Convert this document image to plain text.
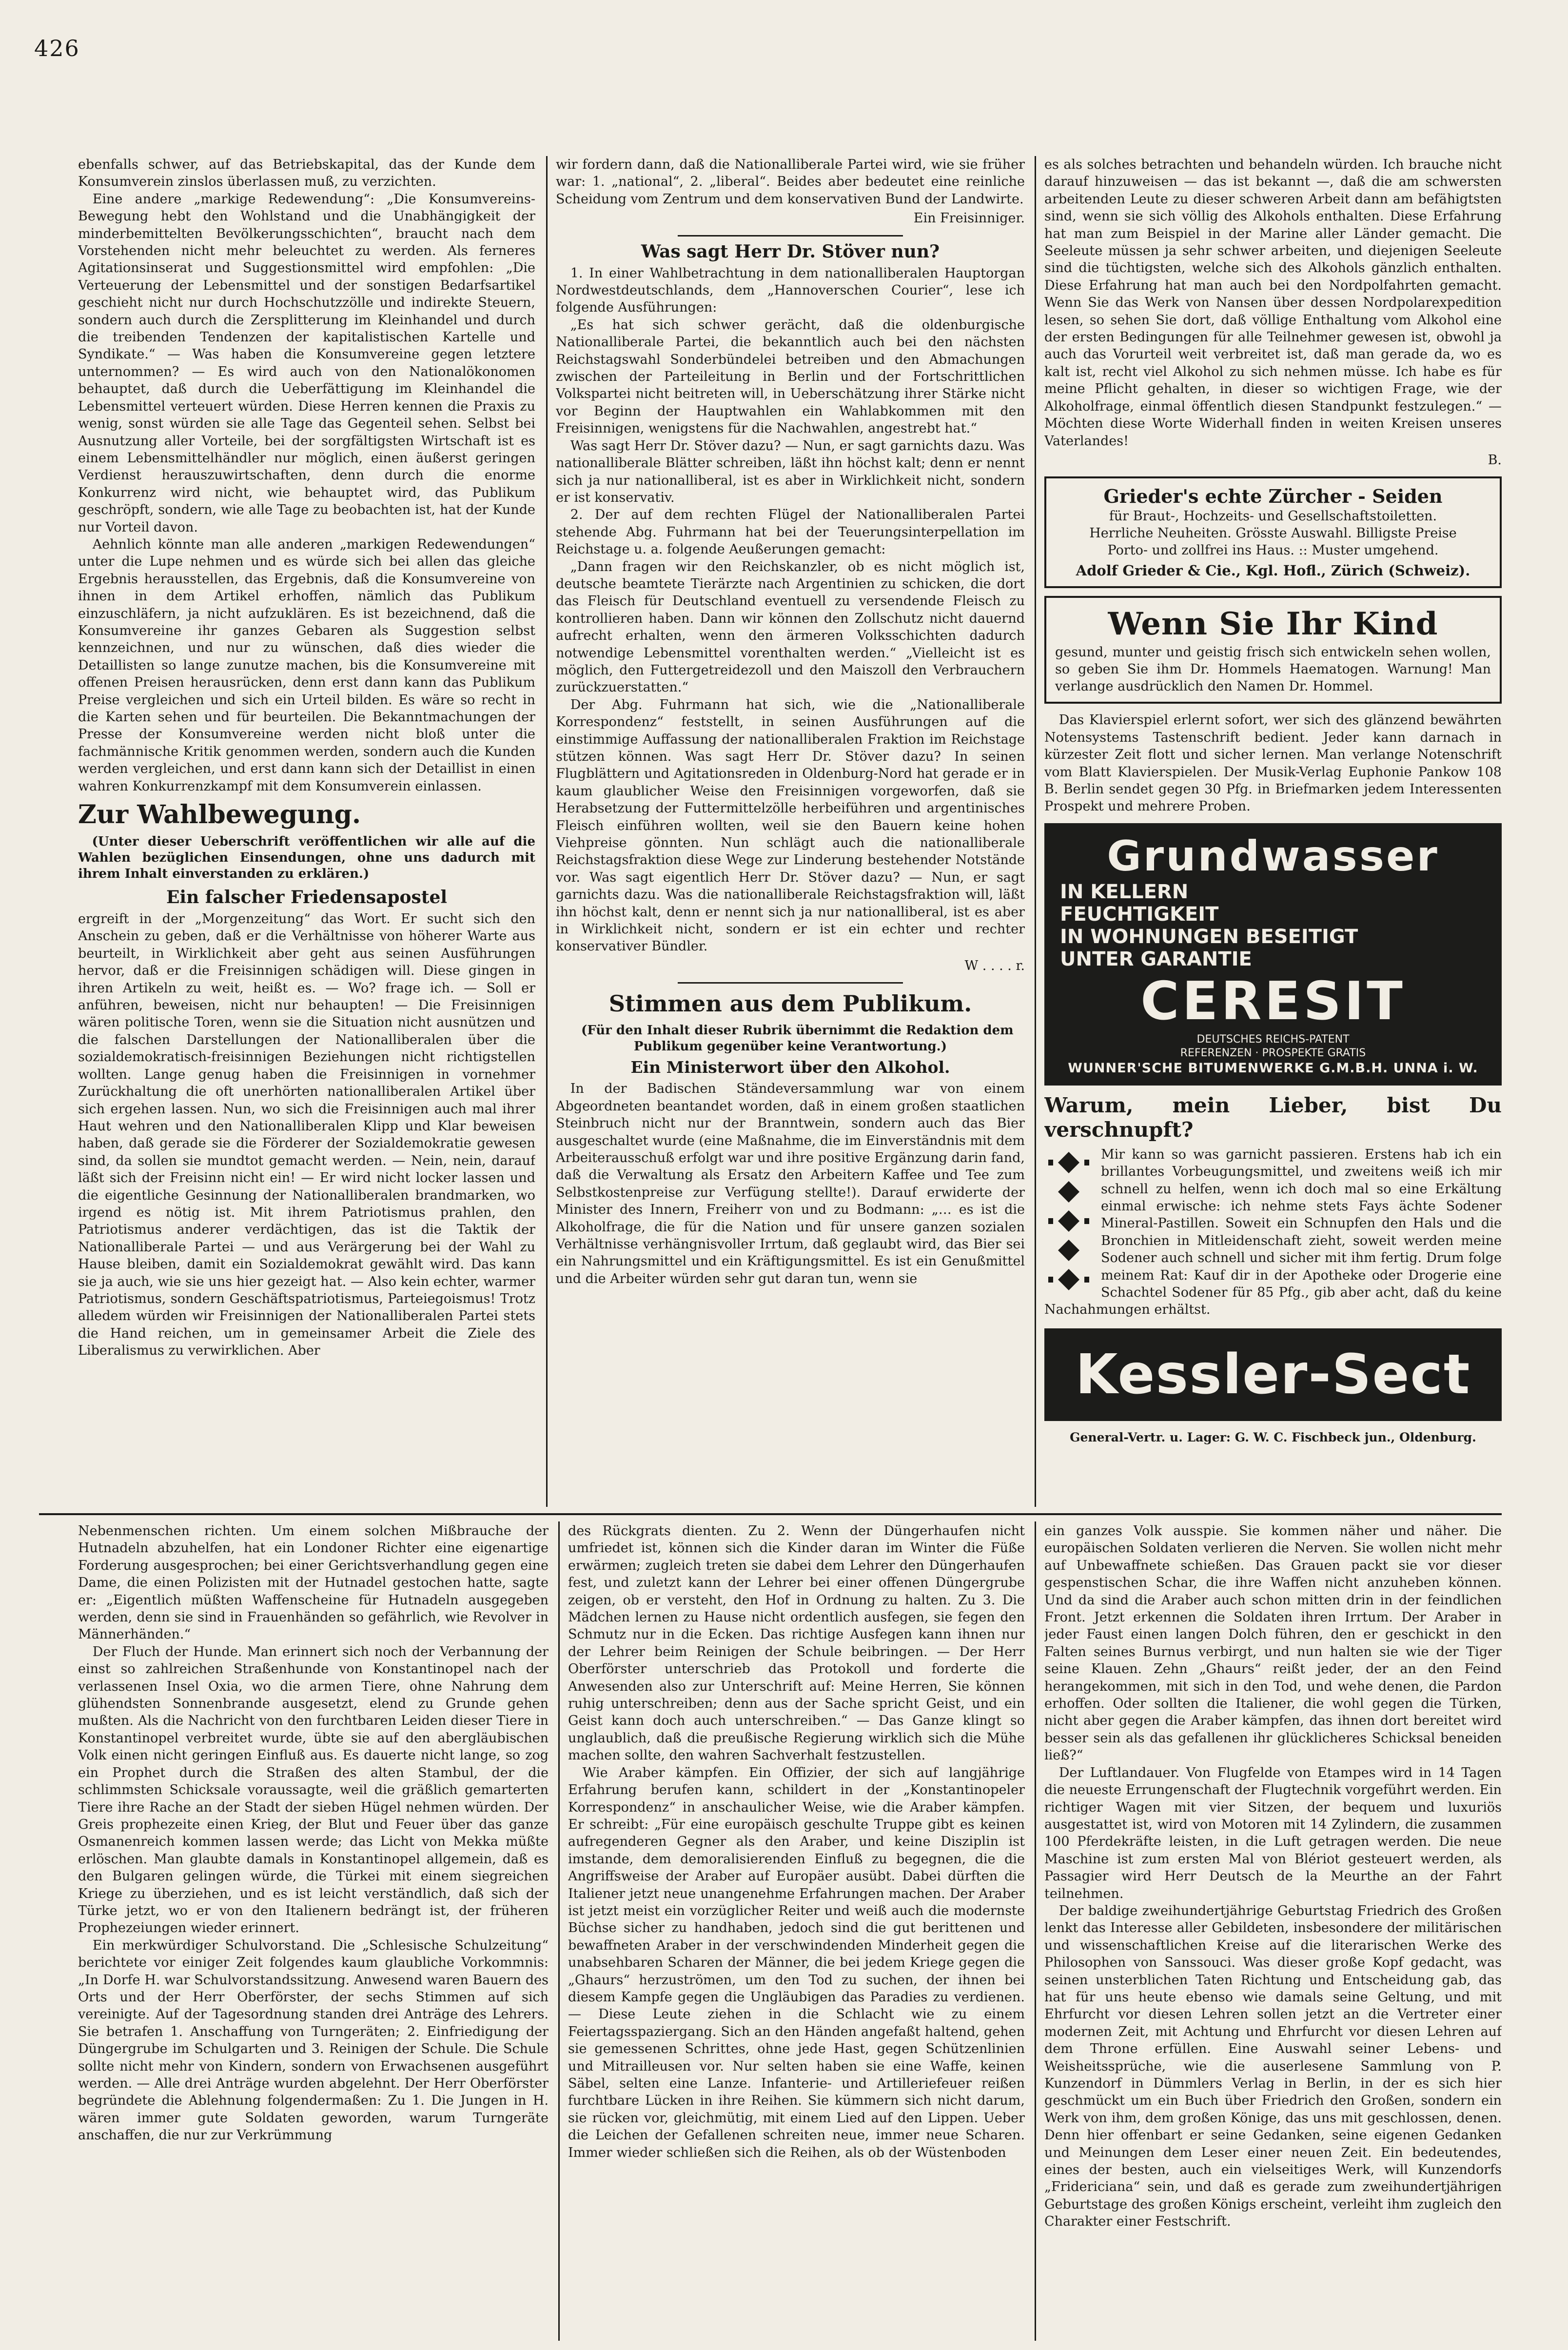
426

ebenfalls schwer, auf das Betriebskapital, das der Kunde dem Konsumverein zinslos überlassen muß, zu verzichten.

Eine andere „markige Redewendung“: „Die Konsumvereins-Bewegung hebt den Wohlstand und die Unabhängigkeit der minderbemittelten Bevölkerungsschichten“, braucht nach dem Vorstehenden nicht mehr beleuchtet zu werden. Als ferneres Agitationsinserat und Suggestionsmittel wird empfohlen: „Die Verteuerung der Lebensmittel und der sonstigen Bedarfsartikel geschieht nicht nur durch Hochschutzzölle und indirekte Steuern, sondern auch durch die Zersplitterung im Kleinhandel und durch die treibenden Tendenzen der kapitalistischen Kartelle und Syndikate.“ — Was haben die Konsumvereine gegen letztere unternommen? — Es wird auch von den Nationalökonomen behauptet, daß durch die Ueberfättigung im Kleinhandel die Lebensmittel verteuert würden. Diese Herren kennen die Praxis zu wenig, sonst würden sie alle Tage das Gegenteil sehen. Selbst bei Ausnutzung aller Vorteile, bei der sorgfältigsten Wirtschaft ist es einem Lebensmittelhändler nur möglich, einen äußerst geringen Verdienst herauszuwirtschaften, denn durch die enorme Konkurrenz wird nicht, wie behauptet wird, das Publikum geschröpft, sondern, wie alle Tage zu beobachten ist, hat der Kunde nur Vorteil davon.

Aehnlich könnte man alle anderen „markigen Redewendungen“ unter die Lupe nehmen und es würde sich bei allen das gleiche Ergebnis herausstellen, das Ergebnis, daß die Konsumvereine von ihnen in dem Artikel erhoffen, nämlich das Publikum einzuschläfern, ja nicht aufzuklären. Es ist bezeichnend, daß die Konsumvereine ihr ganzes Gebaren als Suggestion selbst kennzeichnen, und nur zu wünschen, daß dies wieder die Detaillisten so lange zunutze machen, bis die Konsumvereine mit offenen Preisen herausrücken, denn erst dann kann das Publikum Preise vergleichen und sich ein Urteil bilden. Es wäre so recht in die Karten sehen und für beurteilen. Die Bekanntmachungen der Presse der Konsumvereine werden nicht bloß unter die fachmännische Kritik genommen werden, sondern auch die Kunden werden vergleichen, und erst dann kann sich der Detaillist in einen wahren Konkurrenzkampf mit dem Konsumverein einlassen.

Zur Wahlbewegung.

(Unter dieser Ueberschrift veröffentlichen wir alle auf die Wahlen bezüglichen Einsendungen, ohne uns dadurch mit ihrem Inhalt einverstanden zu erklären.)

Ein falscher Friedensapostel

ergreift in der „Morgenzeitung“ das Wort. Er sucht sich den Anschein zu geben, daß er die Verhältnisse von höherer Warte aus beurteilt, in Wirklichkeit aber geht aus seinen Ausführungen hervor, daß er die Freisinnigen schädigen will. Diese gingen in ihren Artikeln zu weit, heißt es. — Wo? frage ich. — Soll er anführen, beweisen, nicht nur behaupten! — Die Freisinnigen wären politische Toren, wenn sie die Situation nicht ausnützen und die falschen Darstellungen der Nationalliberalen über die sozialdemokratisch-freisinnigen Beziehungen nicht richtigstellen wollten. Lange genug haben die Freisinnigen in vornehmer Zurückhaltung die oft unerhörten nationalliberalen Artikel über sich ergehen lassen. Nun, wo sich die Freisinnigen auch mal ihrer Haut wehren und den Nationalliberalen Klipp und Klar beweisen haben, daß gerade sie die Förderer der Sozialdemokratie gewesen sind, da sollen sie mundtot gemacht werden. — Nein, nein, darauf läßt sich der Freisinn nicht ein! — Er wird nicht locker lassen und die eigentliche Gesinnung der Nationalliberalen brandmarken, wo irgend es nötig ist. Mit ihrem Patriotismus prahlen, den Patriotismus anderer verdächtigen, das ist die Taktik der Nationalliberale Partei — und aus Verärgerung bei der Wahl zu Hause bleiben, damit ein Sozialdemokrat gewählt wird. Das kann sie ja auch, wie sie uns hier gezeigt hat. — Also kein echter, warmer Patriotismus, sondern Geschäftspatriotismus, Parteiegoismus! Trotz alledem würden wir Freisinnigen der Nationalliberalen Partei stets die Hand reichen, um in gemeinsamer Arbeit die Ziele des Liberalismus zu verwirklichen. Aber

wir fordern dann, daß die Nationalliberale Partei wird, wie sie früher war: 1. „national“, 2. „liberal“. Beides aber bedeutet eine reinliche Scheidung vom Zentrum und dem konservativen Bund der Landwirte.

Ein Freisinniger.
Was sagt Herr Dr. Stöver nun?

1. In einer Wahlbetrachtung in dem nationalliberalen Hauptorgan Nordwestdeutschlands, dem „Hannoverschen Courier“, lese ich folgende Ausführungen:

„Es hat sich schwer gerächt, daß die oldenburgische Nationalliberale Partei, die bekanntlich auch bei den nächsten Reichstagswahl Sonderbündelei betreiben und den Abmachungen zwischen der Parteileitung in Berlin und der Fortschrittlichen Volkspartei nicht beitreten will, in Ueberschätzung ihrer Stärke nicht vor Beginn der Hauptwahlen ein Wahlabkommen mit den Freisinnigen, wenigstens für die Nachwahlen, angestrebt hat.“

Was sagt Herr Dr. Stöver dazu? — Nun, er sagt garnichts dazu. Was nationalliberale Blätter schreiben, läßt ihn höchst kalt; denn er nennt sich ja nur nationalliberal, ist es aber in Wirklichkeit nicht, sondern er ist konservativ.

2. Der auf dem rechten Flügel der Nationalliberalen Partei stehende Abg. Fuhrmann hat bei der Teuerungsinterpellation im Reichstage u. a. folgende Aeußerungen gemacht:

„Dann fragen wir den Reichskanzler, ob es nicht möglich ist, deutsche beamtete Tierärzte nach Argentinien zu schicken, die dort das Fleisch für Deutschland eventuell zu versendende Fleisch zu kontrollieren haben. Dann wir können den Zollschutz nicht dauernd aufrecht erhalten, wenn den ärmeren Volksschichten dadurch notwendige Lebensmittel vorenthalten werden.“ „Vielleicht ist es möglich, den Futtergetreidezoll und den Maiszoll den Verbrauchern zurückzuerstatten.“

Der Abg. Fuhrmann hat sich, wie die „Nationalliberale Korrespondenz“ feststellt, in seinen Ausführungen auf die einstimmige Auffassung der nationalliberalen Fraktion im Reichstage stützen können. Was sagt Herr Dr. Stöver dazu? In seinen Flugblättern und Agitationsreden in Oldenburg-Nord hat gerade er in kaum glaublicher Weise den Freisinnigen vorgeworfen, daß sie Herabsetzung der Futtermittelzölle herbeiführen und argentinisches Fleisch einführen wollten, weil sie den Bauern keine hohen Viehpreise gönnten. Nun schlägt auch die nationalliberale Reichstagsfraktion diese Wege zur Linderung bestehender Notstände vor. Was sagt eigentlich Herr Dr. Stöver dazu? — Nun, er sagt garnichts dazu. Was die nationalliberale Reichstagsfraktion will, läßt ihn höchst kalt, denn er nennt sich ja nur nationalliberal, ist es aber in Wirklichkeit nicht, sondern er ist ein echter und rechter konservativer Bündler.

W . . . . r.
Stimmen aus dem Publikum.

(Für den Inhalt dieser Rubrik übernimmt die Redaktion dem Publikum gegenüber keine Verantwortung.)

Ein Ministerwort über den Alkohol.

In der Badischen Ständeversammlung war von einem Abgeordneten beantandet worden, daß in einem großen staatlichen Steinbruch nicht nur der Branntwein, sondern auch das Bier ausgeschaltet wurde (eine Maßnahme, die im Einverständnis mit dem Arbeiterausschuß erfolgt war und ihre positive Ergänzung darin fand, daß die Verwaltung als Ersatz den Arbeitern Kaffee und Tee zum Selbstkostenpreise zur Verfügung stellte!). Darauf erwiderte der Minister des Innern, Freiherr von und zu Bodmann: „… es ist die Alkoholfrage, die für die Nation und für unsere ganzen sozialen Verhältnisse verhängnisvoller Irrtum, daß geglaubt wird, das Bier sei ein Nahrungsmittel und ein Kräftigungsmittel. Es ist ein Genußmittel und die Arbeiter würden sehr gut daran tun, wenn sie

es als solches betrachten und behandeln würden. Ich brauche nicht darauf hinzuweisen — das ist bekannt —, daß die am schwersten arbeitenden Leute zu dieser schweren Arbeit dann am befähigtsten sind, wenn sie sich völlig des Alkohols enthalten. Diese Erfahrung hat man zum Beispiel in der Marine aller Länder gemacht. Die Seeleute müssen ja sehr schwer arbeiten, und diejenigen Seeleute sind die tüchtigsten, welche sich des Alkohols gänzlich enthalten. Diese Erfahrung hat man auch bei den Nordpolfahrten gemacht. Wenn Sie das Werk von Nansen über dessen Nordpolarexpedition lesen, so sehen Sie dort, daß völlige Enthaltung vom Alkohol eine der ersten Bedingungen für alle Teilnehmer gewesen ist, obwohl ja auch das Vorurteil weit verbreitet ist, daß man gerade da, wo es kalt ist, recht viel Alkohol zu sich nehmen müsse. Ich habe es für meine Pflicht gehalten, in dieser so wichtigen Frage, wie der Alkoholfrage, einmal öffentlich diesen Standpunkt festzulegen.“ — Möchten diese Worte Widerhall finden in weiten Kreisen unseres Vaterlandes!

B.
Grieder's echte Zürcher - Seiden
für Braut-, Hochzeits- und Gesellschaftstoiletten.
Herrliche Neuheiten. Grösste Auswahl. Billigste Preise
Porto- und zollfrei ins Haus. :: Muster umgehend.
Adolf Grieder & Cie., Kgl. Hofl., Zürich (Schweiz).
Wenn Sie Ihr Kind
gesund, munter und geistig frisch sich entwickeln sehen wollen, so geben Sie ihm Dr. Hommels Haematogen. Warnung! Man verlange ausdrücklich den Namen Dr. Hommel.

Das Klavierspiel erlernt sofort, wer sich des glänzend bewährten Notensystems Tastenschrift bedient. Jeder kann darnach in kürzester Zeit flott und sicher lernen. Man verlange Notenschrift vom Blatt Klavierspielen. Der Musik-Verlag Euphonie Pankow 108 B. Berlin sendet gegen 30 Pfg. in Briefmarken jedem Interessenten Prospekt und mehrere Proben.

Grundwasser
IN KELLERN
FEUCHTIGKEIT
IN WOHNUNGEN BESEITIGT
UNTER GARANTIE
CERESIT
DEUTSCHES REICHS-PATENT
REFERENZEN · PROSPEKTE GRATIS
WUNNER'SCHE BITUMENWERKE G.M.B.H. UNNA i. W.
Warum, mein Lieber, bist Du verschnupft?

Mir kann so was garnicht passieren. Erstens hab ich ein brillantes Vorbeugungsmittel, und zweitens weiß ich mir schnell zu helfen, wenn ich doch mal so eine Erkältung einmal erwische: ich nehme stets Fays ächte Sodener Mineral-Pastillen. Soweit ein Schnupfen den Hals und die Bronchien in Mitleidenschaft zieht, soweit werden meine Sodener auch schnell und sicher mit ihm fertig. Drum folge meinem Rat: Kauf dir in der Apotheke oder Drogerie eine Schachtel Sodener für 85 Pfg., gib aber acht, daß du keine Nachahmungen erhältst.

Kessler-Sect
General-Vertr. u. Lager: G. W. C. Fischbeck jun., Oldenburg.

Nebenmenschen richten. Um einem solchen Mißbrauche der Hutnadeln abzuhelfen, hat ein Londoner Richter eine eigenartige Forderung ausgesprochen; bei einer Gerichtsverhandlung gegen eine Dame, die einen Polizisten mit der Hutnadel gestochen hatte, sagte er: „Eigentlich müßten Waffenscheine für Hutnadeln ausgegeben werden, denn sie sind in Frauenhänden so gefährlich, wie Revolver in Männerhänden.“

Der Fluch der Hunde. Man erinnert sich noch der Verbannung der einst so zahlreichen Straßenhunde von Konstantinopel nach der verlassenen Insel Oxia, wo die armen Tiere, ohne Nahrung dem glühendsten Sonnenbrande ausgesetzt, elend zu Grunde gehen mußten. Als die Nachricht von den furchtbaren Leiden dieser Tiere in Konstantinopel verbreitet wurde, übte sie auf den abergläubischen Volk einen nicht geringen Einfluß aus. Es dauerte nicht lange, so zog ein Prophet durch die Straßen des alten Stambul, der die schlimmsten Schicksale voraussagte, weil die gräßlich gemarterten Tiere ihre Rache an der Stadt der sieben Hügel nehmen würden. Der Greis prophezeite einen Krieg, der Blut und Feuer über das ganze Osmanenreich kommen lassen werde; das Licht von Mekka müßte erlöschen. Man glaubte damals in Konstantinopel allgemein, daß es den Bulgaren gelingen würde, die Türkei mit einem siegreichen Kriege zu überziehen, und es ist leicht verständlich, daß sich der Türke jetzt, wo er von den Italienern bedrängt ist, der früheren Prophezeiungen wieder erinnert.

Ein merkwürdiger Schulvorstand. Die „Schlesische Schulzeitung“ berichtete vor einiger Zeit folgendes kaum glaubliche Vorkommnis: „In Dorfe H. war Schulvorstandssitzung. Anwesend waren Bauern des Orts und der Herr Oberförster, der sechs Stimmen auf sich vereinigte. Auf der Tagesordnung standen drei Anträge des Lehrers. Sie betrafen 1. Anschaffung von Turngeräten; 2. Einfriedigung der Düngergrube im Schulgarten und 3. Reinigen der Schule. Die Schule sollte nicht mehr von Kindern, sondern von Erwachsenen ausgeführt werden. — Alle drei Anträge wurden abgelehnt. Der Herr Oberförster begründete die Ablehnung folgendermaßen: Zu 1. Die Jungen in H. wären immer gute Soldaten geworden, warum Turngeräte anschaffen, die nur zur Verkrümmung

des Rückgrats dienten. Zu 2. Wenn der Düngerhaufen nicht umfriedet ist, können sich die Kinder daran im Winter die Füße erwärmen; zugleich treten sie dabei dem Lehrer den Düngerhaufen fest, und zuletzt kann der Lehrer bei einer offenen Düngergrube zeigen, ob er versteht, den Hof in Ordnung zu halten. Zu 3. Die Mädchen lernen zu Hause nicht ordentlich ausfegen, sie fegen den Schmutz nur in die Ecken. Das richtige Ausfegen kann ihnen nur der Lehrer beim Reinigen der Schule beibringen. — Der Herr Oberförster unterschrieb das Protokoll und forderte die Anwesenden also zur Unterschrift auf: Meine Herren, Sie können ruhig unterschreiben; denn aus der Sache spricht Geist, und ein Geist kann doch auch unterschreiben.“ — Das Ganze klingt so unglaublich, daß die preußische Regierung wirklich sich die Mühe machen sollte, den wahren Sachverhalt festzustellen.

Wie Araber kämpfen. Ein Offizier, der sich auf langjährige Erfahrung berufen kann, schildert in der „Konstantinopeler Korrespondenz“ in anschaulicher Weise, wie die Araber kämpfen. Er schreibt: „Für eine europäisch geschulte Truppe gibt es keinen aufregenderen Gegner als den Araber, und keine Disziplin ist imstande, dem demoralisierenden Einfluß zu begegnen, die die Angriffsweise der Araber auf Europäer ausübt. Dabei dürften die Italiener jetzt neue unangenehme Erfahrungen machen. Der Araber ist jetzt meist ein vorzüglicher Reiter und weiß auch die modernste Büchse sicher zu handhaben, jedoch sind die gut berittenen und bewaffneten Araber in der verschwindenden Minderheit gegen die unabsehbaren Scharen der Männer, die bei jedem Kriege gegen die „Ghaurs“ herzuströmen, um den Tod zu suchen, der ihnen bei diesem Kampfe gegen die Ungläubigen das Paradies zu verdienen. — Diese Leute ziehen in die Schlacht wie zu einem Feiertagsspaziergang. Sich an den Händen angefaßt haltend, gehen sie gemessenen Schrittes, ohne jede Hast, gegen Schützenlinien und Mitrailleusen vor. Nur selten haben sie eine Waffe, keinen Säbel, selten eine Lanze. Infanterie- und Artilleriefeuer reißen furchtbare Lücken in ihre Reihen. Sie kümmern sich nicht darum, sie rücken vor, gleichmütig, mit einem Lied auf den Lippen. Ueber die Leichen der Gefallenen schreiten neue, immer neue Scharen. Immer wieder schließen sich die Reihen, als ob der Wüstenboden

ein ganzes Volk ausspie. Sie kommen näher und näher. Die europäischen Soldaten verlieren die Nerven. Sie wollen nicht mehr auf Unbewaffnete schießen. Das Grauen packt sie vor dieser gespenstischen Schar, die ihre Waffen nicht anzuheben können. Und da sind die Araber auch schon mitten drin in der feindlichen Front. Jetzt erkennen die Soldaten ihren Irrtum. Der Araber in jeder Faust einen langen Dolch führen, den er geschickt in den Falten seines Burnus verbirgt, und nun halten sie wie der Tiger seine Klauen. Zehn „Ghaurs“ reißt jeder, der an den Feind herangekommen, mit sich in den Tod, und wehe denen, die Pardon erhoffen. Oder sollten die Italiener, die wohl gegen die Türken, nicht aber gegen die Araber kämpfen, das ihnen dort bereitet wird besser sein als das gefallenen ihr glücklicheres Schicksal beneiden ließ?“

Der Luftlandauer. Von Flugfelde von Etampes wird in 14 Tagen die neueste Errungenschaft der Flugtechnik vorgeführt werden. Ein richtiger Wagen mit vier Sitzen, der bequem und luxuriös ausgestattet ist, wird von Motoren mit 14 Zylindern, die zusammen 100 Pferdekräfte leisten, in die Luft getragen werden. Die neue Maschine ist zum ersten Mal von Blériot gesteuert werden, als Passagier wird Herr Deutsch de la Meurthe an der Fahrt teilnehmen.

Der baldige zweihundertjährige Geburtstag Friedrich des Großen lenkt das Interesse aller Gebildeten, insbesondere der militärischen und wissenschaftlichen Kreise auf die literarischen Werke des Philosophen von Sanssouci. Was dieser große Kopf gedacht, was seinen unsterblichen Taten Richtung und Entscheidung gab, das hat für uns heute ebenso wie damals seine Geltung, und mit Ehrfurcht vor diesen Lehren sollen jetzt an die Vertreter einer modernen Zeit, mit Achtung und Ehrfurcht vor diesen Lehren auf dem Throne erfüllen. Eine Auswahl seiner Lebens- und Weisheitssprüche, wie die auserlesene Sammlung von P. Kunzendorf in Dümmlers Verlag in Berlin, in der es sich hier geschmückt um ein Buch über Friedrich den Großen, sondern ein Werk von ihm, dem großen Könige, das uns mit geschlossen, denen. Denn hier offenbart er seine Gedanken, seine eigenen Gedanken und Meinungen dem Leser einer neuen Zeit. Ein bedeutendes, eines der besten, auch ein vielseitiges Werk, will Kunzendorfs „Fridericiana“ sein, und daß es gerade zum zweihundertjährigen Geburtstage des großen Königs erscheint, verleiht ihm zugleich den Charakter einer Festschrift.
